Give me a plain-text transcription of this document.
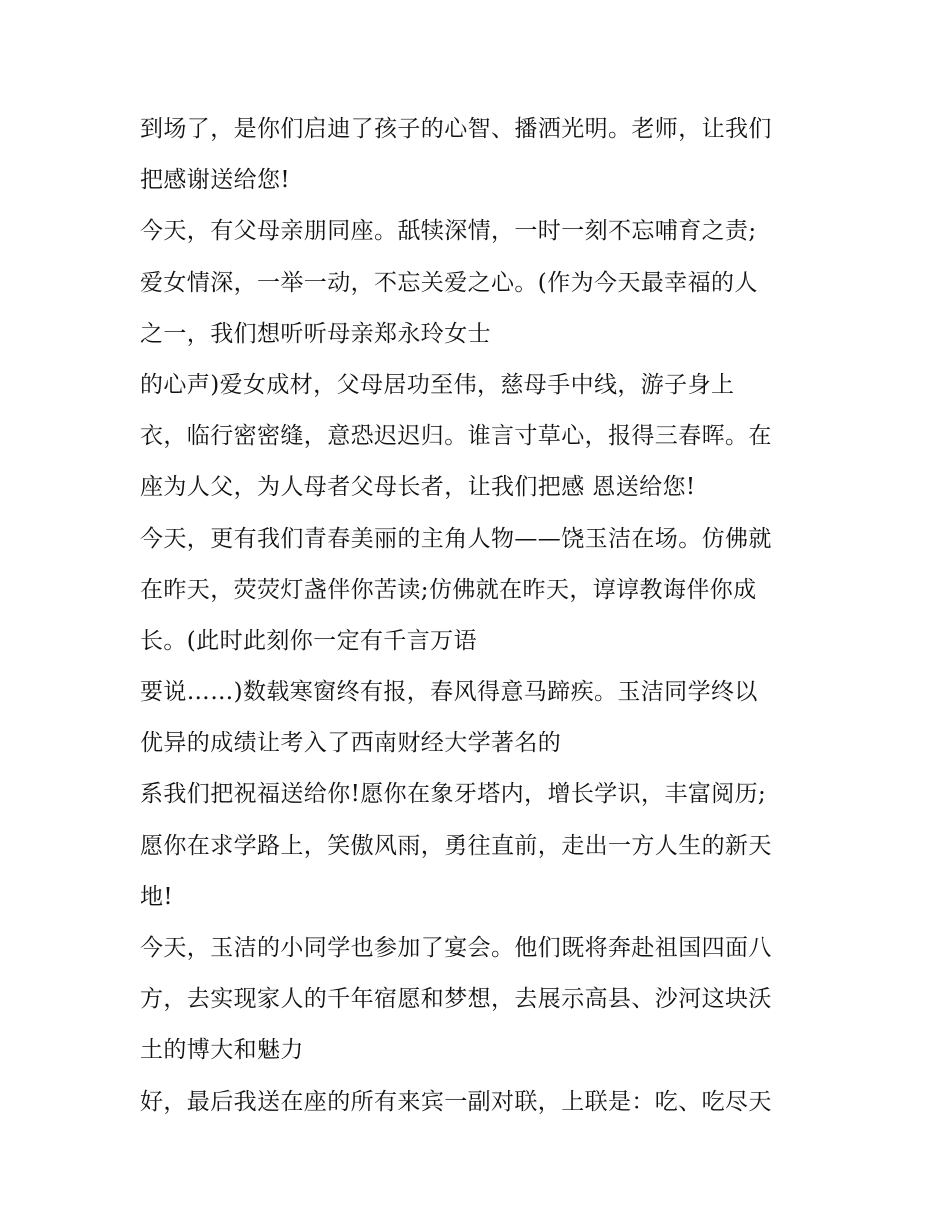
到场了，是你们启迪了孩子的心智、播洒光明。老师，让我们
把感谢送给您!
今天，有父母亲朋同座。舐犊深情，一时一刻不忘哺育之责;
爱女情深，一举一动，不忘关爱之心。(作为今天最幸福的人
之一，我们想听听母亲郑永玲女士
的心声)爱女成材，父母居功至伟，慈母手中线，游子身上
衣，临行密密缝，意恐迟迟归。谁言寸草心，报得三春晖。在
座为人父，为人母者父母长者，让我们把感 恩送给您!
今天，更有我们青春美丽的主角人物——饶玉洁在场。仿佛就
在昨天，荧荧灯盏伴你苦读;仿佛就在昨天，谆谆教诲伴你成
长。(此时此刻你一定有千言万语
要说……)数载寒窗终有报，春风得意马蹄疾。玉洁同学终以
优异的成绩让考入了西南财经大学著名的
系我们把祝福送给你!愿你在象牙塔内，增长学识，丰富阅历;
愿你在求学路上，笑傲风雨，勇往直前，走出一方人生的新天
地!
今天，玉洁的小同学也参加了宴会。他们既将奔赴祖国四面八
方，去实现家人的千年宿愿和梦想，去展示高县、沙河这块沃
土的博大和魅力
好，最后我送在座的所有来宾一副对联，上联是：吃、吃尽天
